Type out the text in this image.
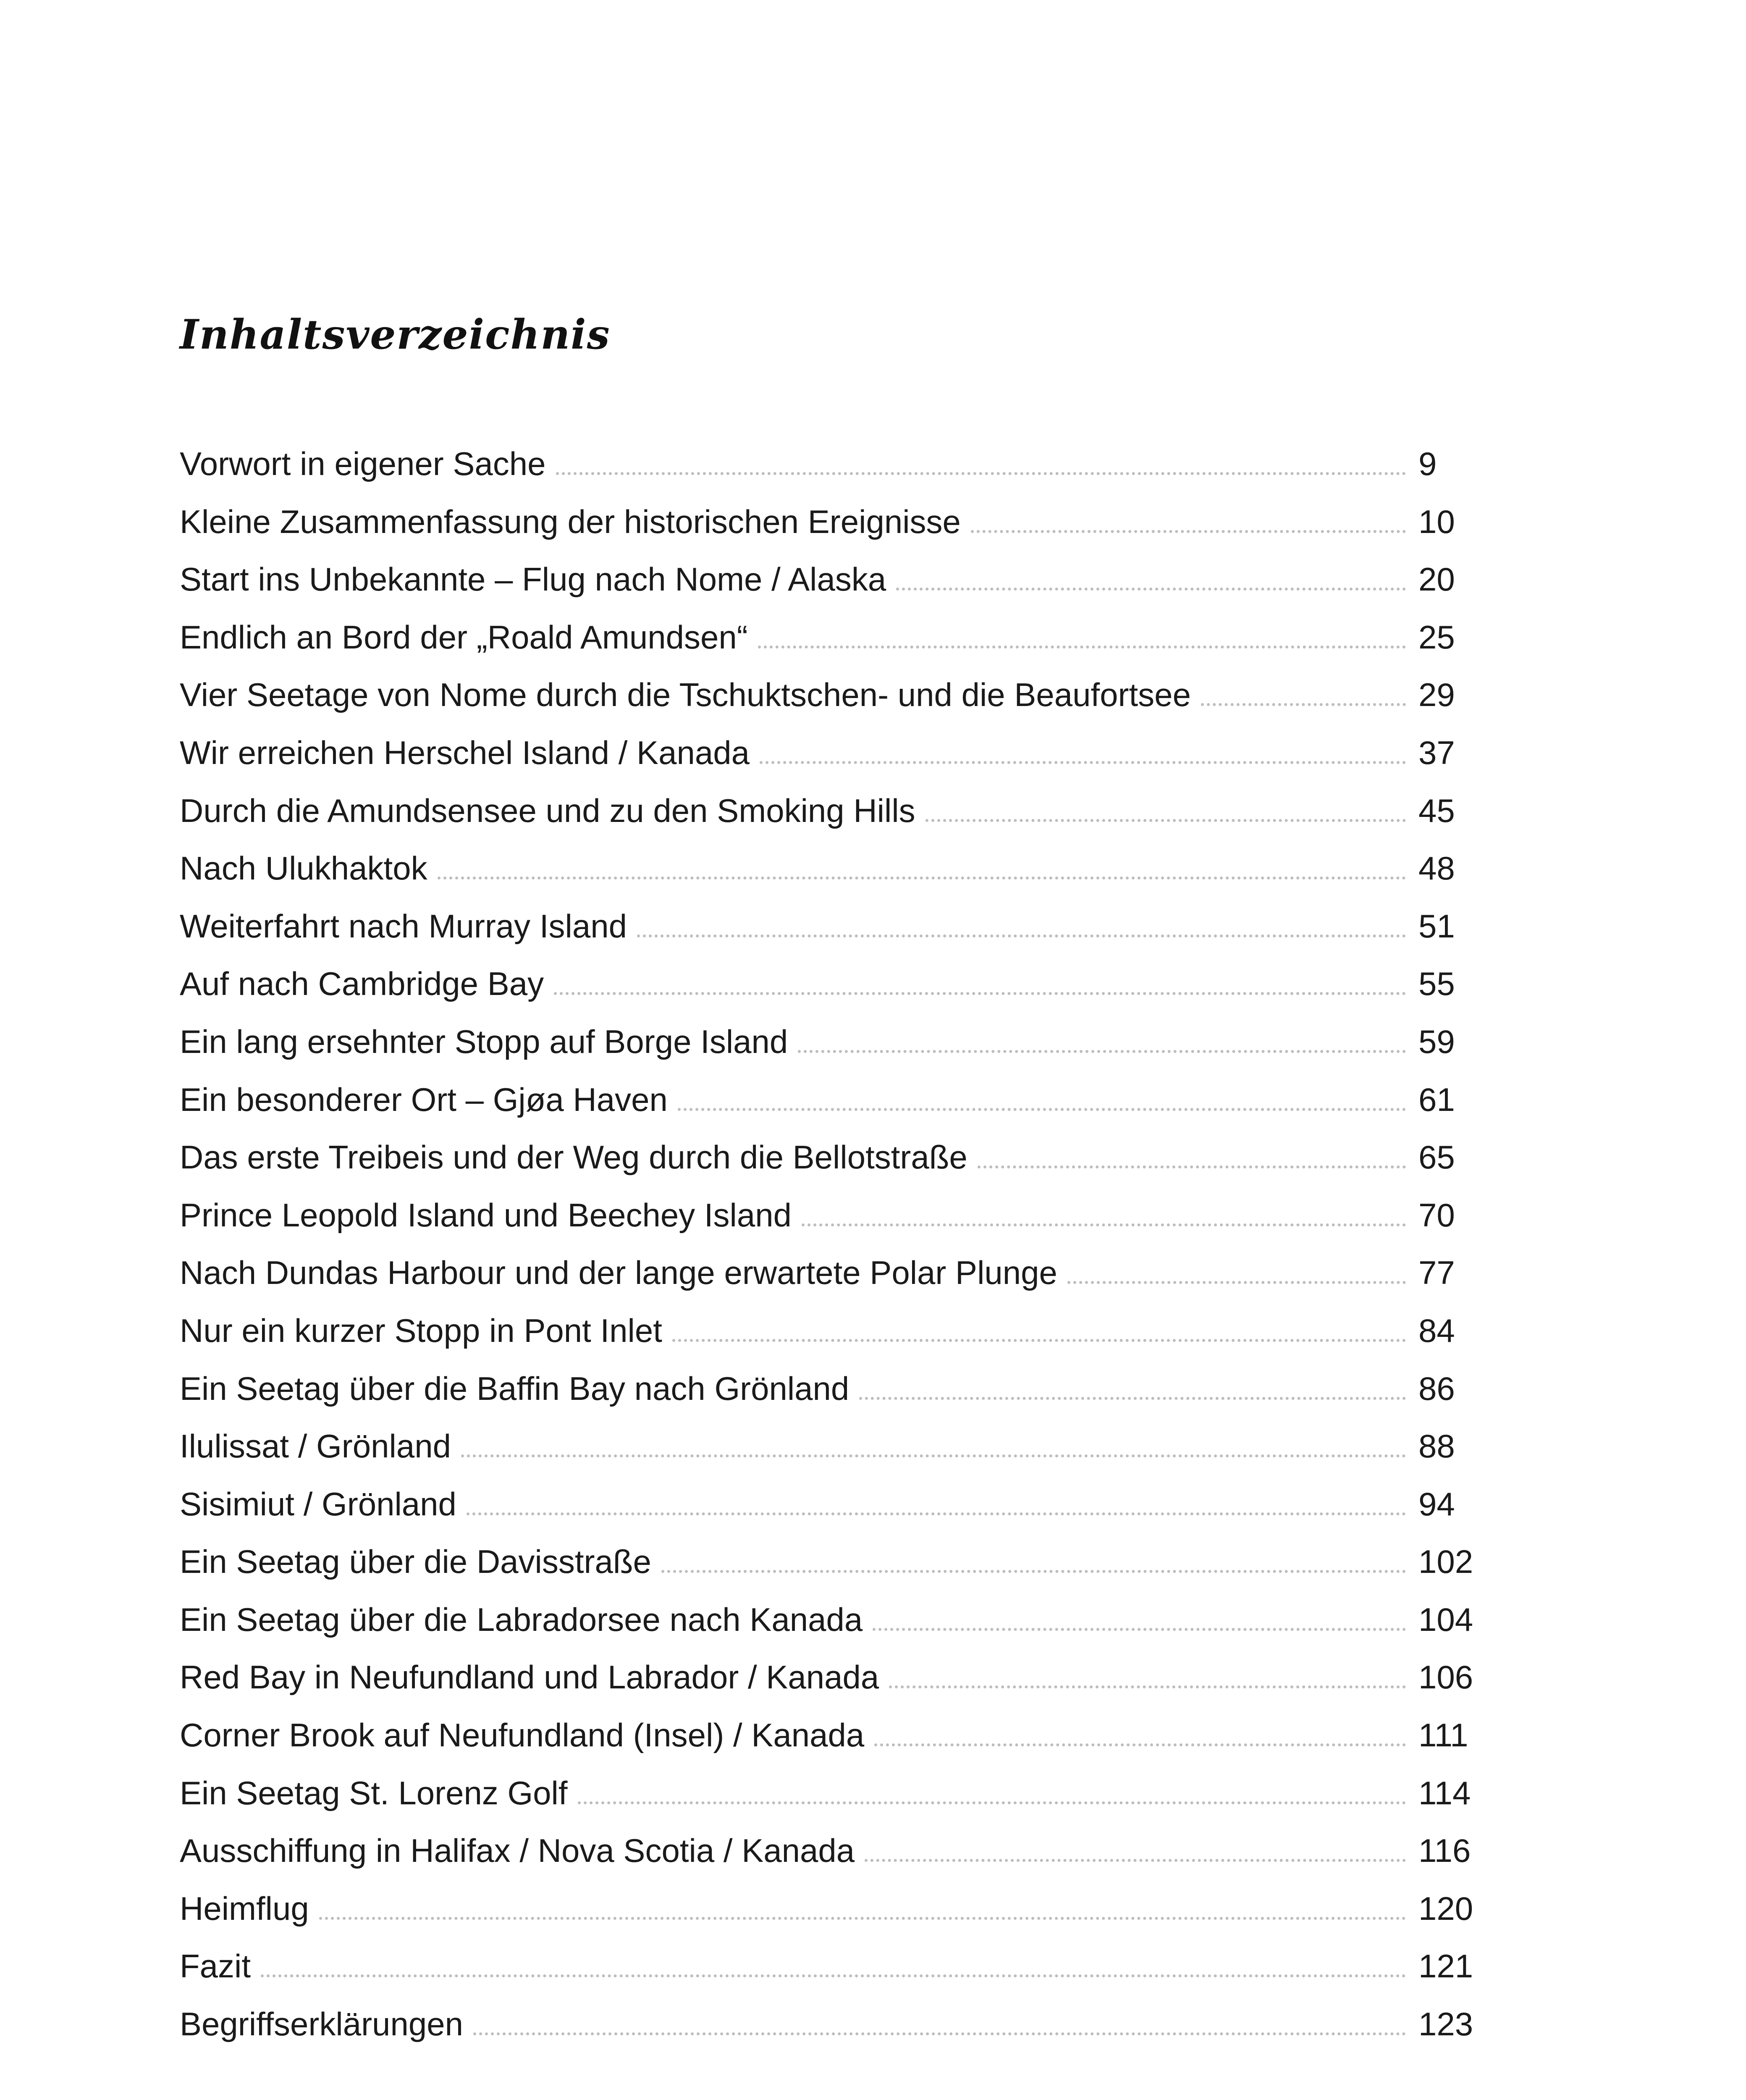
Inhaltsverzeichnis
Vorwort in eigener Sache	9
Kleine Zusammenfassung der historischen Ereignisse	10
Start ins Unbekannte – Flug nach Nome / Alaska	20
Endlich an Bord der „Roald Amundsen“	25
Vier Seetage von Nome durch die Tschuktschen- und die Beaufortsee	29
Wir erreichen Herschel Island / Kanada	37
Durch die Amundsensee und zu den Smoking Hills	45
Nach Ulukhaktok	48
Weiterfahrt nach Murray Island	51
Auf nach Cambridge Bay	55
Ein lang ersehnter Stopp auf Borge Island	59
Ein besonderer Ort – Gjøa Haven	61
Das erste Treibeis und der Weg durch die Bellotstraße	65
Prince Leopold Island und Beechey Island	70
Nach Dundas Harbour und der lange erwartete Polar Plunge	77
Nur ein kurzer Stopp in Pont Inlet	84
Ein Seetag über die Baffin Bay nach Grönland	86
Ilulissat / Grönland	88
Sisimiut / Grönland	94
Ein Seetag über die Davisstraße	102
Ein Seetag über die Labradorsee nach Kanada	104
Red Bay in Neufundland und Labrador / Kanada	106
Corner Brook auf Neufundland (Insel) / Kanada	111
Ein Seetag St. Lorenz Golf	114
Ausschiffung in Halifax / Nova Scotia / Kanada	116
Heimflug	120
Fazit	121
Begriffserklärungen	123
